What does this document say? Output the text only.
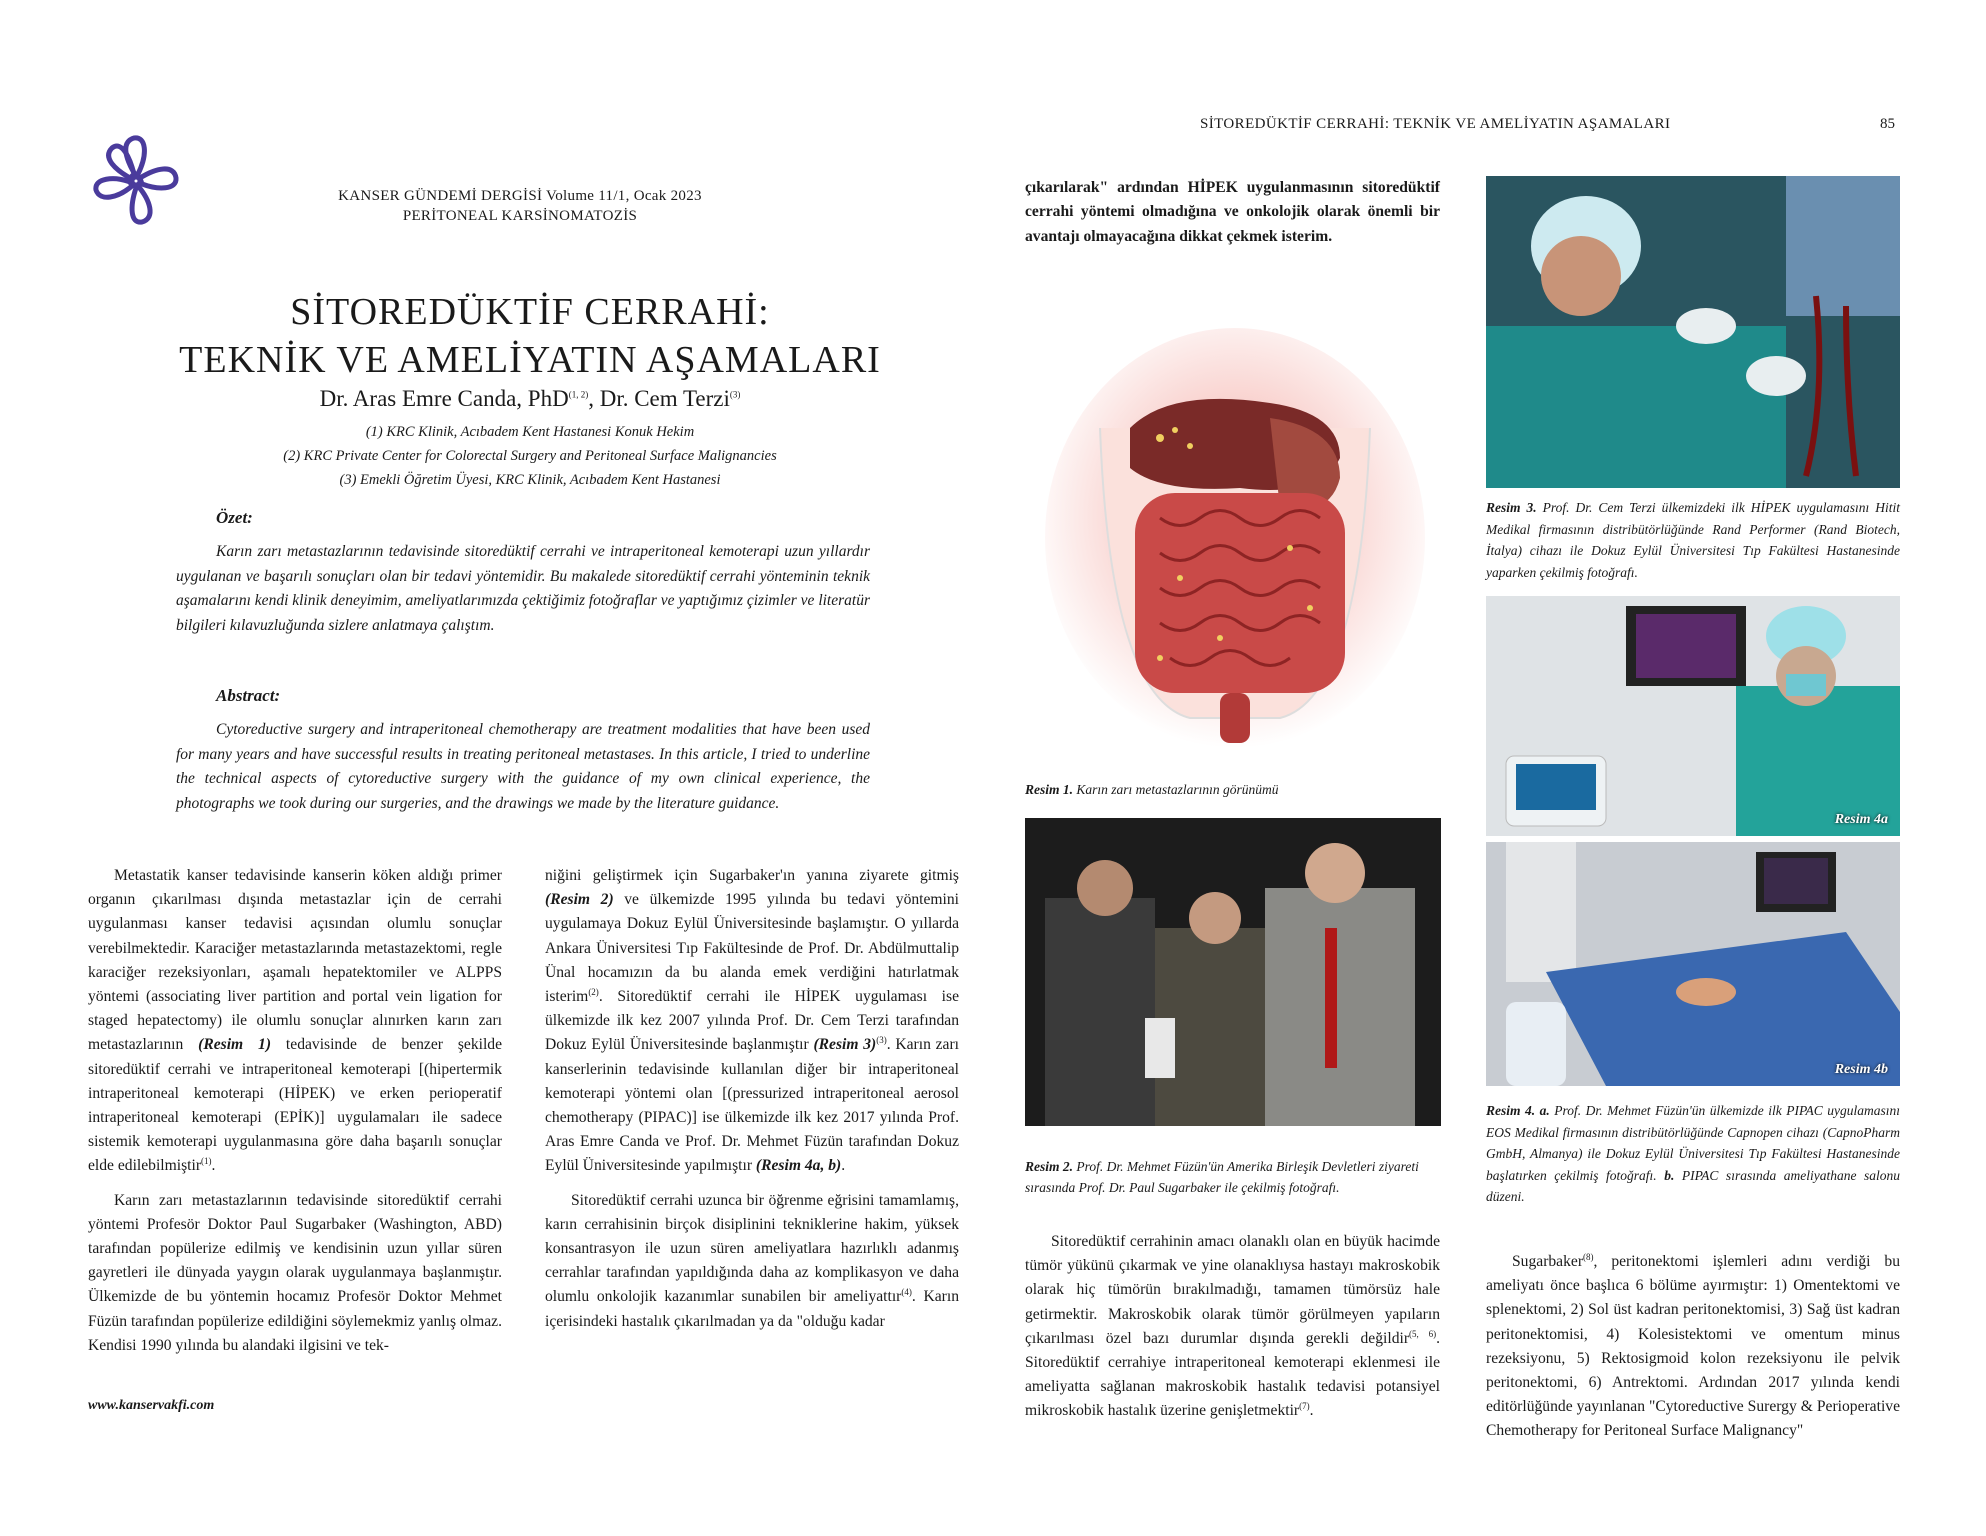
KANSER GÜNDEMİ DERGİSİ Volume 11/1, Ocak 2023
PERİTONEAL KARSİNOMATOZİS
SİTOREDÜKTİF CERRAHİ:
TEKNİK VE AMELİYATIN AŞAMALARI
Dr. Aras Emre Canda, PhD$^{(1, 2)}$, Dr. Cem Terzi$^{(3)}$
(1) KRC Klinik, Acıbadem Kent Hastanesi Konuk Hekim
(2) KRC Private Center for Colorectal Surgery and Peritoneal Surface Malignancies
(3) Emekli Öğretim Üyesi, KRC Klinik, Acıbadem Kent Hastanesi
Özet:
Karın zarı metastazlarının tedavisinde sitoredüktif cerrahi ve intraperitoneal kemoterapi uzun yıllardır uygulanan ve başarılı sonuçları olan bir tedavi yöntemidir. Bu makalede sitoredüktif cerrahi yönteminin teknik aşamalarını kendi klinik deneyimim, ameliyatlarımızda çektiğimiz fotoğraflar ve yaptığımız çizimler ve literatür bilgileri kılavuzluğunda sizlere anlatmaya çalıştım.
Abstract:
Cytoreductive surgery and intraperitoneal chemotherapy are treatment modalities that have been used for many years and have successful results in treating peritoneal metastases. In this article, I tried to underline the technical aspects of cytoreductive surgery with the guidance of my own clinical experience, the photographs we took during our surgeries, and the drawings we made by the literature guidance.

Metastatik kanser tedavisinde kanserin köken aldığı primer organın çıkarılması dışında metastazlar için de cerrahi uygulanması kanser tedavisi açısından olumlu sonuçlar verebilmektedir. Karaciğer metastazlarında metastazektomi, regle karaciğer rezeksiyonları, aşamalı hepatektomiler ve ALPPS yöntemi (associating liver partition and portal vein ligation for staged hepatectomy) ile olumlu sonuçlar alınırken karın zarı metastazlarının (Resim 1) tedavisinde de benzer şekilde sitoredüktif cerrahi ve intraperitoneal kemoterapi [(hipertermik intraperitoneal kemoterapi (HİPEK) ve erken perioperatif intraperitoneal kemoterapi (EPİK)] uygulamaları ile sadece sistemik kemoterapi uygulanmasına göre daha başarılı sonuçlar elde edilebilmiştir$^{(1)}$.

Karın zarı metastazlarının tedavisinde sitoredüktif cerrahi yöntemi Profesör Doktor Paul Sugarbaker (Washington, ABD) tarafından popülerize edilmiş ve kendisinin uzun yıllar süren gayretleri ile dünyada yaygın olarak uygulanmaya başlanmıştır. Ülkemizde de bu yöntemin hocamız Profesör Doktor Mehmet Füzün tarafından popülerize edildiğini söylemekmiz yanlış olmaz. Kendisi 1990 yılında bu alandaki ilgisini ve tek-

niğini geliştirmek için Sugarbaker'ın yanına ziyarete gitmiş (Resim 2) ve ülkemizde 1995 yılında bu tedavi yöntemini uygulamaya Dokuz Eylül Üniversitesinde başlamıştır. O yıllarda Ankara Üniversitesi Tıp Fakültesinde de Prof. Dr. Abdülmuttalip Ünal hocamızın da bu alanda emek verdiğini hatırlatmak isterim$^{(2)}$. Sitoredüktif cerrahi ile HİPEK uygulaması ise ülkemizde ilk kez 2007 yılında Prof. Dr. Cem Terzi tarafından Dokuz Eylül Üniversitesinde başlanmıştır (Resim 3)$^{(3)}$. Karın zarı kanserlerinin tedavisinde kullanılan diğer bir intraperitoneal kemoterapi yöntemi olan [(pressurized intraperitoneal aerosol chemotherapy (PIPAC)] ise ülkemizde ilk kez 2017 yılında Prof. Aras Emre Canda ve Prof. Dr. Mehmet Füzün tarafından Dokuz Eylül Üniversitesinde yapılmıştır (Resim 4a, b).

Sitoredüktif cerrahi uzunca bir öğrenme eğrisini tamamlamış, karın cerrahisinin birçok disiplinini tekniklerine hakim, yüksek konsantrasyon ile uzun süren ameliyatlara hazırlıklı adanmış cerrahlar tarafından yapıldığında daha az komplikasyon ve daha olumlu onkolojik kazanımlar sunabilen bir ameliyattır$^{(4)}$. Karın içerisindeki hastalık çıkarılmadan ya da "olduğu kadar

www.kanservakfi.com
SİTOREDÜKTİF CERRAHİ: TEKNİK VE AMELİYATIN AŞAMALARI	85
çıkarılarak" ardından HİPEK uygulanmasının sitoredüktif cerrahi yöntemi olmadığına ve onkolojik olarak önemli bir avantajı olmayacağına dikkat çekmek isterim.
Resim 1. Karın zarı metastazlarının görünümü
Resim 2. Prof. Dr. Mehmet Füzün'ün Amerika Birleşik Devletleri ziyareti sırasında Prof. Dr. Paul Sugarbaker ile çekilmiş fotoğrafı.

Sitoredüktif cerrahinin amacı olanaklı olan en büyük hacimde tümör yükünü çıkarmak ve yine olanaklıysa hastayı makroskobik olarak hiç tümörün bırakılmadığı, tamamen tümörsüz hale getirmektir. Makroskobik olarak tümör görülmeyen yapıların çıkarılması özel bazı durumlar dışında gerekli değildir$^{(5, 6)}$. Sitoredüktif cerrahiye intraperitoneal kemoterapi eklenmesi ile ameliyatta sağlanan makroskobik hastalık tedavisi potansiyel mikroskobik hastalık üzerine genişletmektir$^{(7)}$.

Resim 3. Prof. Dr. Cem Terzi ülkemizdeki ilk HİPEK uygulamasını Hitit Medikal firmasının distribütörlüğünde Rand Performer (Rand Biotech, İtalya) cihazı ile Dokuz Eylül Üniversitesi Tıp Fakültesi Hastanesinde yaparken çekilmiş fotoğrafı.
Resim 4a
Resim 4b
Resim 4. a. Prof. Dr. Mehmet Füzün'ün ülkemizde ilk PIPAC uygulamasını EOS Medikal firmasının distribütörlüğünde Capnopen cihazı (CapnoPharm GmbH, Almanya) ile Dokuz Eylül Üniversitesi Tıp Fakültesi Hastanesinde başlatırken çekilmiş fotoğrafı. b. PIPAC sırasında ameliyathane salonu düzeni.

Sugarbaker$^{(8)}$, peritonektomi işlemleri adını verdiği bu ameliyatı önce başlıca 6 bölüme ayırmıştır: 1) Omentektomi ve splenektomi, 2) Sol üst kadran peritonektomisi, 3) Sağ üst kadran peritonektomisi, 4) Kolesistektomi ve omentum minus rezeksiyonu, 5) Rektosigmoid kolon rezeksiyonu ile pelvik peritonektomi, 6) Antrektomi. Ardından 2017 yılında kendi editörlüğünde yayınlanan "Cytoreductive Surergy & Perioperative Chemotherapy for Peritoneal Surface Malignancy"
